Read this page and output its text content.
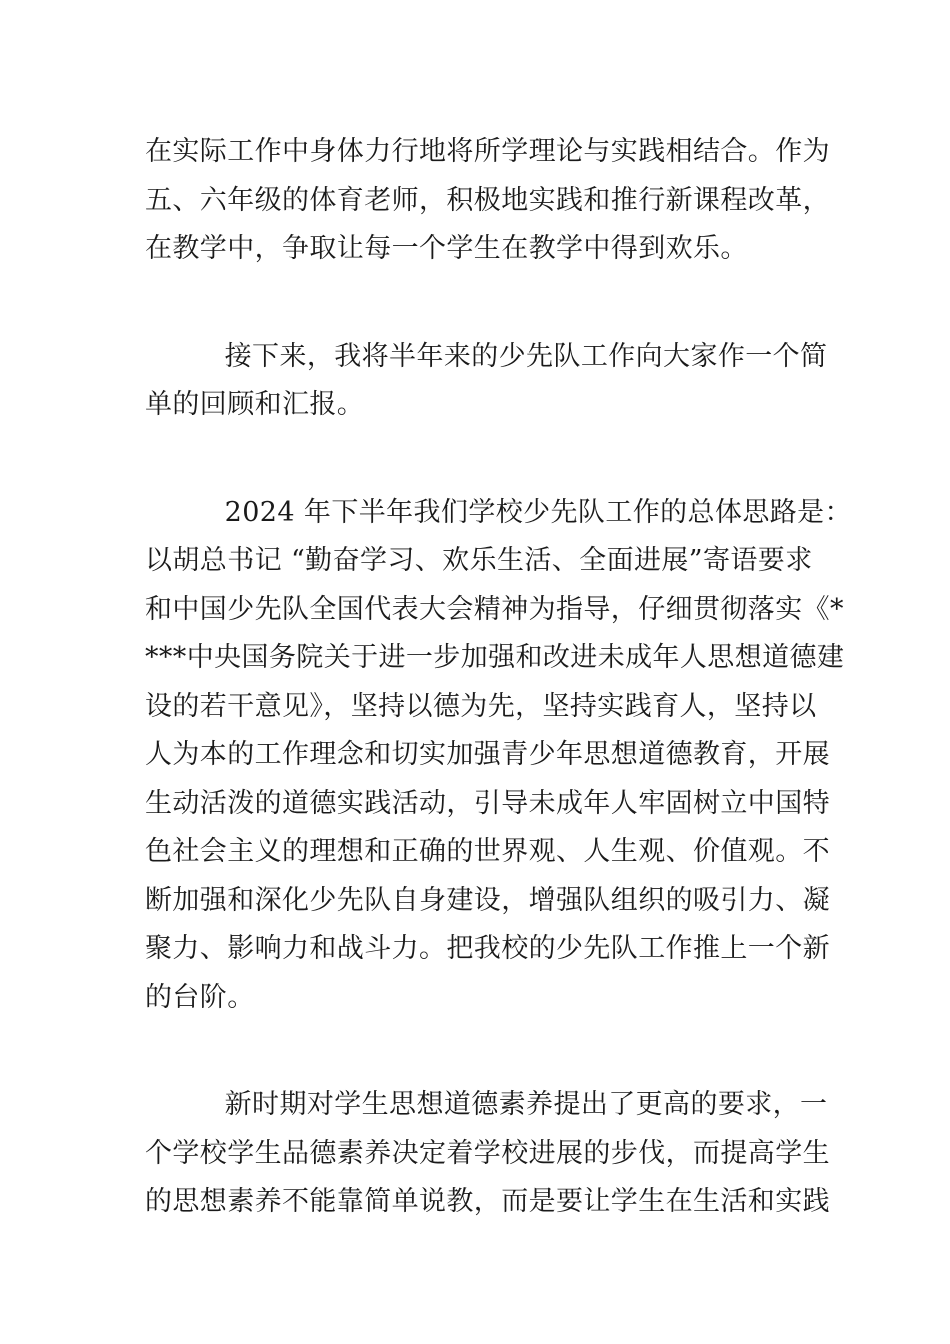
在实际工作中身体力行地将所学理论与实践相结合。作为
五、六年级的体育老师，积极地实践和推行新课程改革，
在教学中，争取让每一个学生在教学中得到欢乐。

接下来，我将半年来的少先队工作向大家作一个简
单的回顾和汇报。

2024 年下半年我们学校少先队工作的总体思路是：
以胡总书记 “勤奋学习、欢乐生活、全面进展”寄语要求
和中国少先队全国代表大会精神为指导，仔细贯彻落实《*
***中央国务院关于进一步加强和改进未成年人思想道德建
设的若干意见》，坚持以德为先，坚持实践育人，坚持以
人为本的工作理念和切实加强青少年思想道德教育，开展
生动活泼的道德实践活动，引导未成年人牢固树立中国特
色社会主义的理想和正确的世界观、人生观、价值观。不
断加强和深化少先队自身建设，增强队组织的吸引力、凝
聚力、影响力和战斗力。把我校的少先队工作推上一个新
的台阶。

新时期对学生思想道德素养提出了更高的要求，一
个学校学生品德素养决定着学校进展的步伐，而提高学生
的思想素养不能靠简单说教，而是要让学生在生活和实践
